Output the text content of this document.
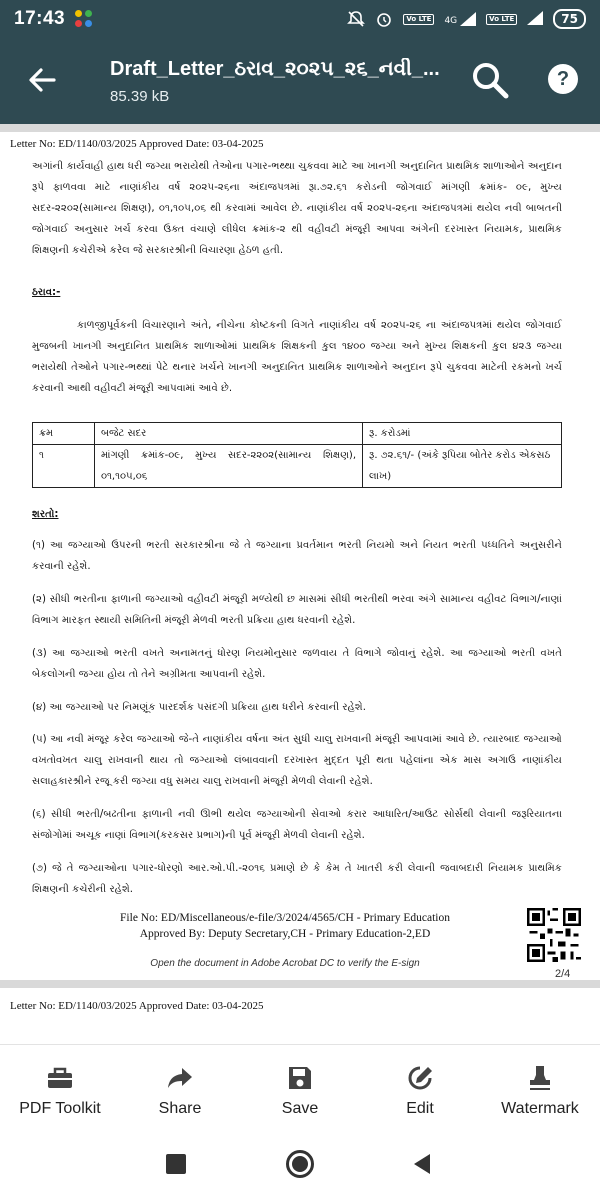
17:43	Vo LTE	4G	Vo LTE	75
Draft_Letter_ઠરાવ_૨૦૨૫_૨૬_નવી_...
85.39 kB
?
Letter No: ED/1140/03/2025 Approved Date: 03-04-2025
અગાંની કાર્યવાહી હાથ ધરી જગ્યા ભરાયેથી તેઓના પગાર-ભથ્થા ચુકવવા માટે આ ખાનગી અનુદાનિત પ્રાથમિક શાળાઓને અનુદાન રૂપે ફાળવવા માટે નાણાંકીય વર્ષ ૨૦૨૫-૨૬ના અંદાજપત્રમાં રૂા.૭૨.૬૧ કરોડની જોગવાઈ માંગણી ક્રમાંક- ૦૯, મુખ્ય સદર-૨૨૦૨(સામાન્ય શિક્ષણ), ૦૧,૧૦૫,૦૬ થી કરવામાં આવેલ છે. નાણાંકીય વર્ષ ૨૦૨૫-૨૬ના અંદાજપત્રમાં થયેલ નવી બાબતની જોગવાઈ અનુસાર ખર્ચ કરવા ઉક્ત વંચાણે લીધેલ ક્રમાંક-૨ થી વહીવટી મંજૂરી આપવા અંગેની દરખાસ્ત નિયામક, પ્રાથમિક શિક્ષણની કચેરીએ કરેલ જે સરકારશ્રીની વિચારણા હેઠળ હતી.
ઠરાવ:-
કાળજીપૂર્વકની વિચારણાને અંતે, નીચેના કોષ્ટકની વિગતે નાણાંકીય વર્ષ ૨૦૨૫-૨૬ ના અંદાજપત્રમાં થયેલ જોગવાઈ મુજબની ખાનગી અનુદાનિત પ્રાથમિક શાળાઓમાં પ્રાથમિક શિક્ષકની કુલ ૧૪૦૦ જગ્યા અને મુખ્ય શિક્ષકની કુલ ૪૨૩ જગ્યા ભરાયેથી તેઓને પગાર-ભથ્થાં પેટે થનાર ખર્ચને ખાનગી અનુદાનિત પ્રાથમિક શાળાઓને અનુદાન રૂપે ચુકવવા માટેની રકમનો ખર્ચ કરવાની આથી વહીવટી મંજૂરી આપવામાં આવે છે.
ક્રમ	બજેટ સદર	રૂ. કરોડમાં
૧	માંગણી ક્રમાંક-૦૯, મુખ્ય સદર-૨૨૦૨(સામાન્ય શિક્ષણ), ૦૧,૧૦૫,૦૬	રૂ. ૭૨.૬૧/- (અંકે રૂપિયા બોતેર કરોડ એકસઠ લાખ)
શરતો:
(૧) આ જગ્યાઓ ઉપરની ભરતી સરકારશ્રીના જે તે જગ્યાના પ્રવર્તમાન ભરતી નિયમો અને નિયત ભરતી પધ્ધતિને અનુસરીને કરવાની રહેશે.
(૨) સીધી ભરતીના ફાળાની જગ્યાઓ વહીવટી મંજૂરી મળ્યેથી છ માસમાં સીધી ભરતીથી ભરવા અંગે સામાન્ય વહીવટ વિભાગ/નાણાં વિભાગ મારફત સ્થાયી સમિતિની મંજૂરી મેળવી ભરતી પ્રક્રિયા હાથ ધરવાની રહેશે.
(૩) આ જગ્યાઓ ભરતી વખતે અનામતનું ધોરણ નિયમોનુસાર જળવાય તે વિભાગે જોવાનું રહેશે. આ જગ્યાઓ ભરતી વખતે બેકલોગની જગ્યા હોય તો તેને અગ્રીમતા આપવાની રહેશે.
(૪) આ જગ્યાઓ પર નિમણૂંક પારદર્શક પસંદગી પ્રક્રિયા હાથ ધરીને કરવાની રહેશે.
(૫) આ નવી મંજૂર કરેલ જગ્યાઓ જે-તે નાણાંકીય વર્ષના અંત સુધી ચાલુ રાખવાની મંજૂરી આપવામાં આવે છે. ત્યારબાદ જગ્યાઓ વખતોવખત ચાલુ રાખવાની થાય તો જગ્યાઓ લંબાવવાની દરખાસ્ત મુદ્દત પૂરી થતા પહેલાંના એક માસ અગાઉ નાણાંકીય સલાહકારશ્રીને રજૂ કરી જગ્યા વધુ સમય ચાલુ રાખવાની મંજૂરી મેળવી લેવાની રહેશે.
(૬) સીધી ભરતી/બઢતીના ફાળાની નવી ઊભી થયેલ જગ્યાઓની સેવાઓ કરાર આધારિત/આઉટ સોર્સથી લેવાની જરૂરિયાતના સંજોગોમાં અચૂક નાણાં વિભાગ(કરકસર પ્રભાગ)ની પૂર્વ મંજૂરી મેળવી લેવાની રહેશે.
(૭) જે તે જગ્યાઓના પગાર-ધોરણો આર.ઓ.પી.-૨૦૧૬ પ્રમાણે છે કે કેમ તે ખાતરી કરી લેવાની જવાબદારી નિયામક પ્રાથમિક શિક્ષણની કચેરીની રહેશે.
File No: ED/Miscellaneous/e-file/3/2024/4565/CH - Primary Education
Approved By: Deputy Secretary,CH - Primary Education-2,ED
Open the document in Adobe Acrobat DC to verify the E-sign
2/4
Letter No: ED/1140/03/2025 Approved Date: 03-04-2025
PDF Toolkit	Share	Save	Edit	Watermark
